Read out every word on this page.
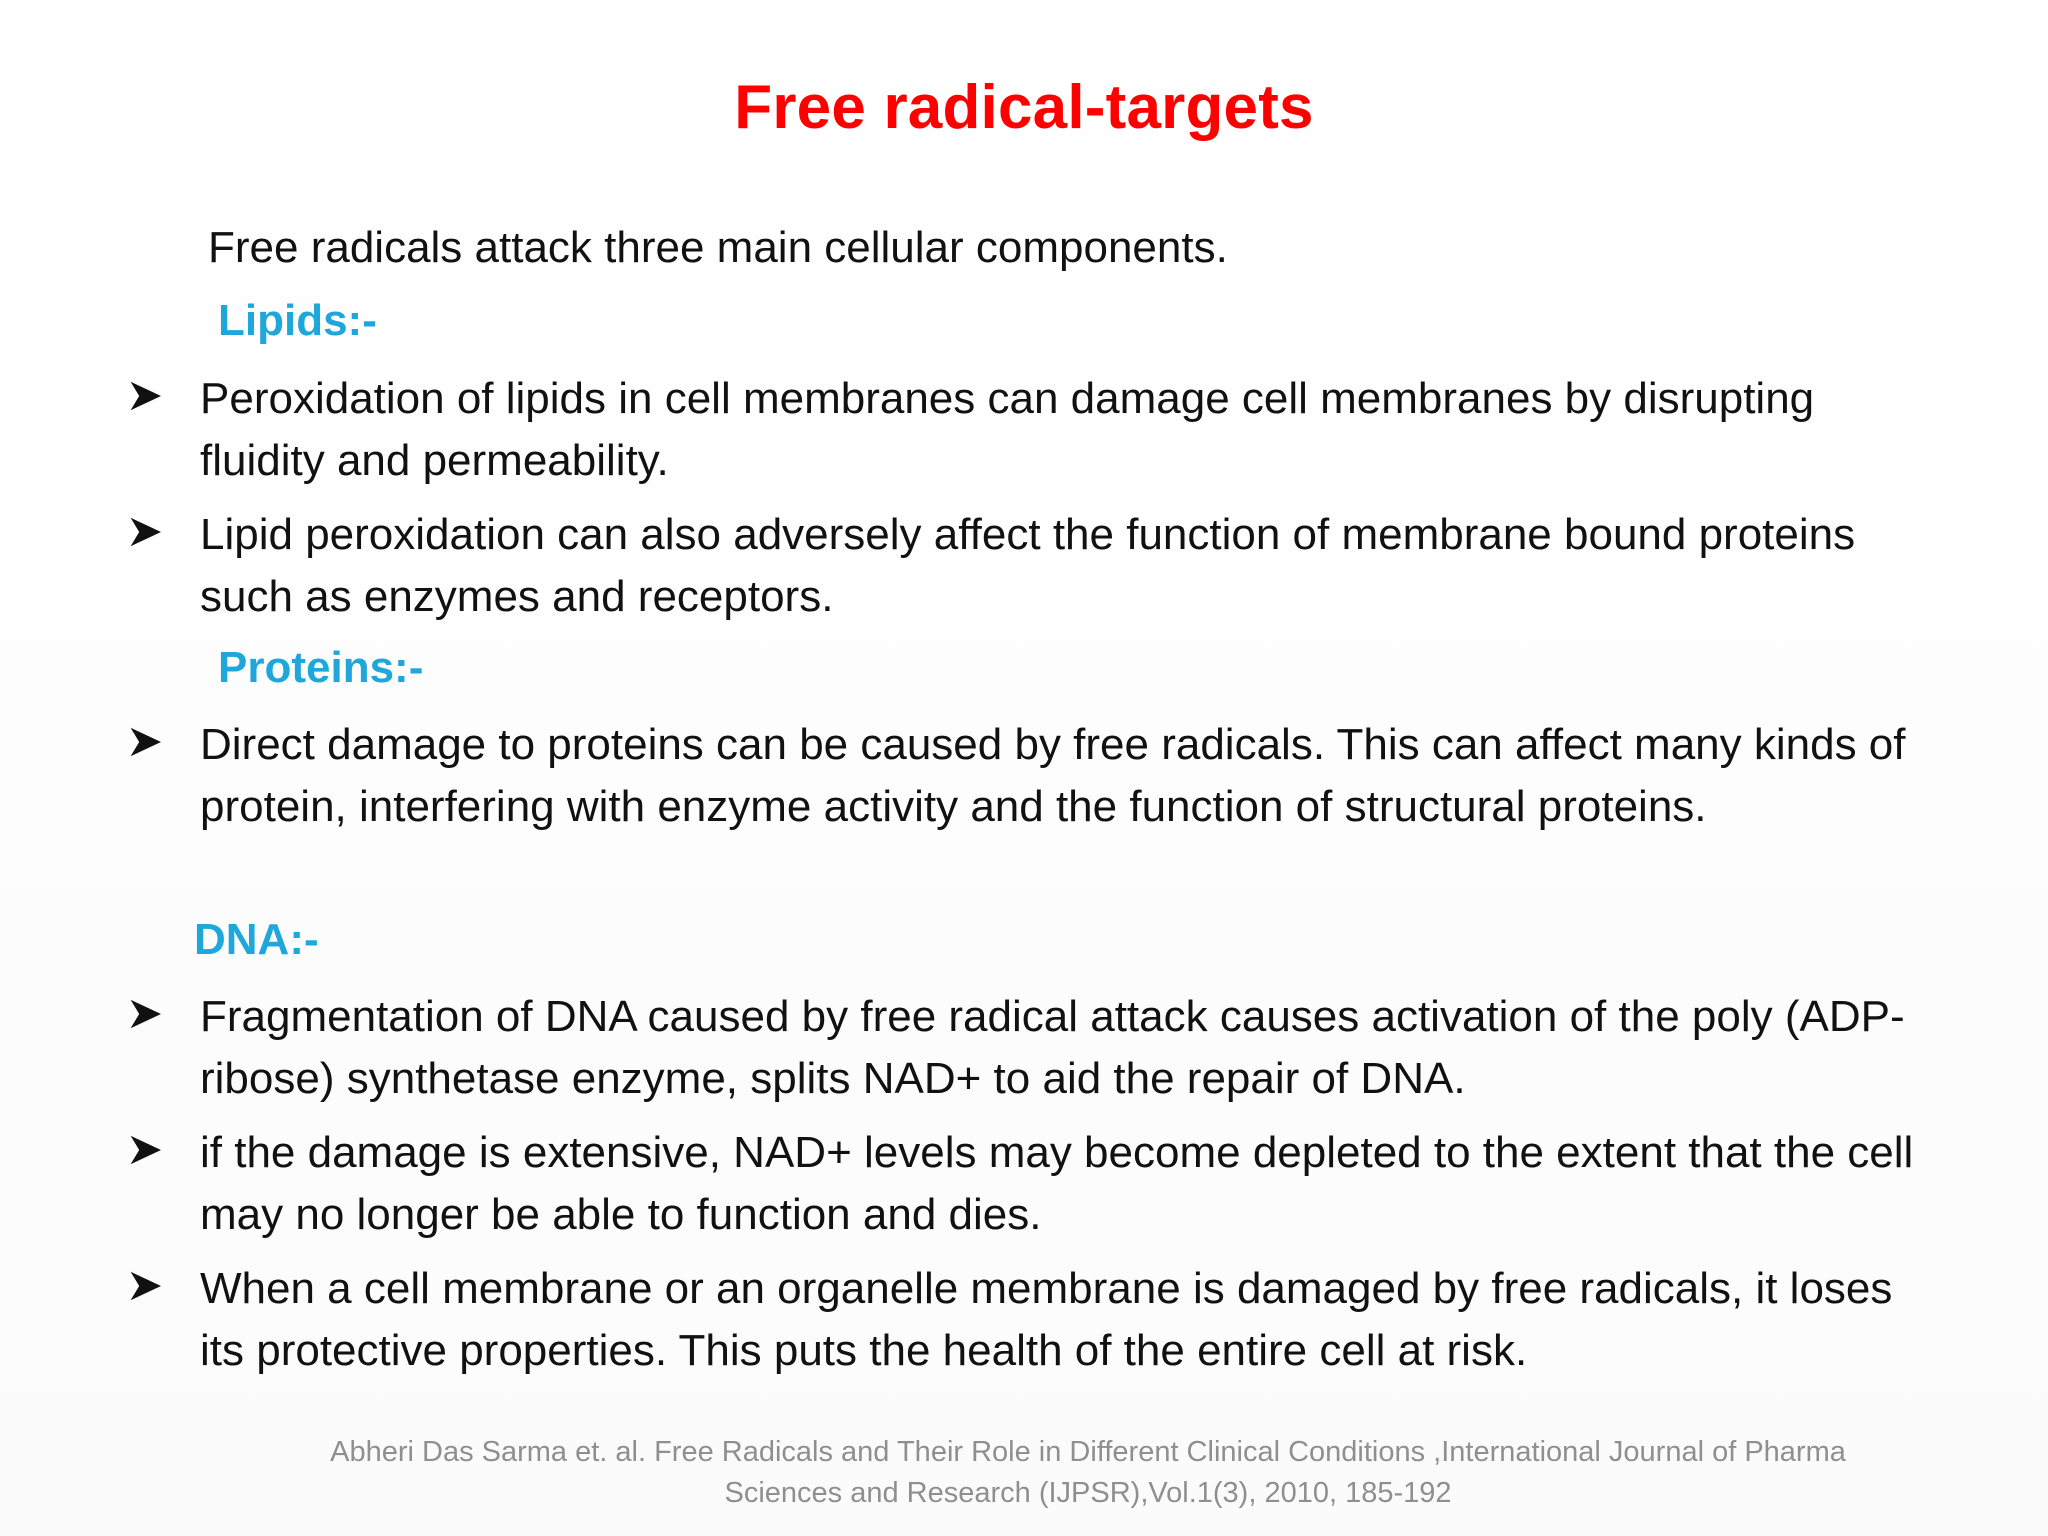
Free radical-targets
Free radicals attack three main cellular components.
Lipids:-
Peroxidation of lipids in cell membranes can damage cell membranes by disrupting fluidity and permeability.
Lipid peroxidation can also adversely affect the function of membrane bound proteins such as enzymes and receptors.
Proteins:-
Direct damage to proteins can be caused by free radicals. This can affect many kinds of protein, interfering with enzyme activity and the function of structural proteins.
DNA:-
Fragmentation of DNA caused by free radical attack causes activation of the poly (ADP-ribose) synthetase enzyme, splits NAD+ to aid the repair of DNA.
if the damage is extensive, NAD+ levels may become depleted to the extent that the cell may no longer be able to function and dies.
When a cell membrane or an organelle membrane is damaged by free radicals, it loses its protective properties. This puts the health of the entire cell at risk.
Abheri Das Sarma et. al. Free Radicals and Their Role in Different Clinical Conditions ,International Journal of Pharma Sciences and Research (IJPSR),Vol.1(3), 2010, 185-192
